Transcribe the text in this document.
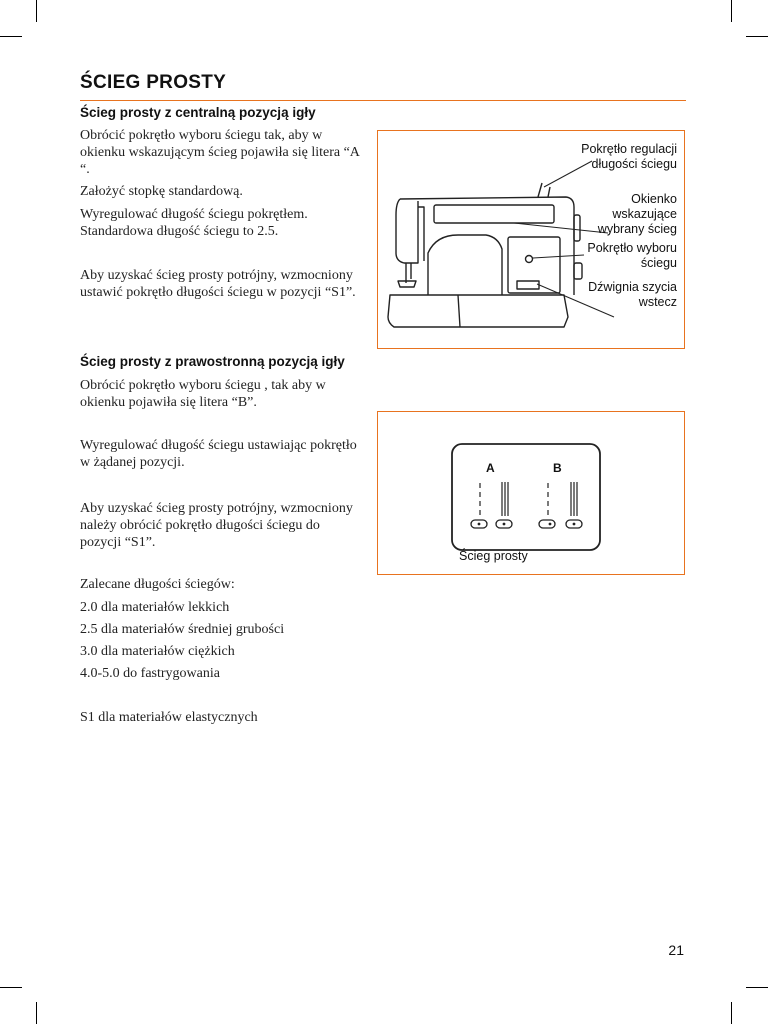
ŚCIEG PROSTY
Ścieg prosty z centralną pozycją igły

Obrócić pokrętło wyboru ściegu tak, aby w
okienku wskazującym ścieg pojawiła się litera “A
“.

Założyć stopkę standardową.

Wyregulować długość ściegu pokrętłem.
Standardowa długość ściegu to 2.5.

Aby uzyskać ścieg prosty potrójny, wzmocniony
ustawić pokrętło długości ściegu w pozycji “S1”.

Ścieg prosty z prawostronną pozycją igły

Obrócić pokrętło wyboru ściegu , tak aby w
okienku pojawiła się litera “B”.

Wyregulować długość ściegu ustawiając pokrętło
w żądanej pozycji.

Aby uzyskać ścieg prosty potrójny, wzmocniony
należy obrócić pokrętło długości ściegu do
pozycji “S1”.

Zalecane długości ściegów:

2.0 dla materiałów lekkich

2.5 dla materiałów średniej grubości

3.0 dla materiałów ciężkich

4.0-5.0 do fastrygowania

S1 dla materiałów elastycznych

Pokrętło regulacji
długości ściegu
Okienko
wskazujące
wybrany ścieg
Pokrętło wyboru
ściegu
Dźwignia szycia
wstecz
A	B
Ścieg prosty
21
